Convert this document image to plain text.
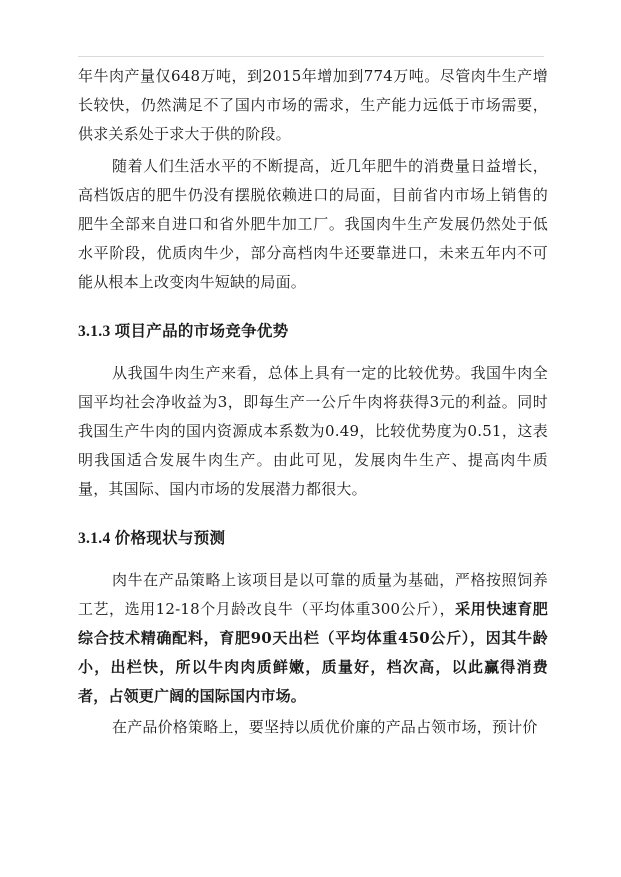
年牛肉产量仅648万吨，到2015年增加到774万吨。尽管肉牛生产增长较快，仍然满足不了国内市场的需求，生产能力远低于市场需要，供求关系处于求大于供的阶段。

随着人们生活水平的不断提高，近几年肥牛的消费量日益增长，高档饭店的肥牛仍没有摆脱依赖进口的局面，目前省内市场上销售的肥牛全部来自进口和省外肥牛加工厂。我国肉牛生产发展仍然处于低水平阶段，优质肉牛少，部分高档肉牛还要靠进口，未来五年内不可能从根本上改变肉牛短缺的局面。

3.1.3 项目产品的市场竞争优势

从我国牛肉生产来看，总体上具有一定的比较优势。我国牛肉全国平均社会净收益为3，即每生产一公斤牛肉将获得3元的利益。同时我国生产牛肉的国内资源成本系数为0.49，比较优势度为0.51，这表明我国适合发展牛肉生产。由此可见，发展肉牛生产、提高肉牛质量，其国际、国内市场的发展潜力都很大。

3.1.4 价格现状与预测

肉牛在产品策略上该项目是以可靠的质量为基础，严格按照饲养工艺，选用12-18个月龄改良牛（平均体重300公斤），采用快速育肥综合技术精确配料，育肥90天出栏（平均体重450公斤），因其牛龄小，出栏快，所以牛肉肉质鲜嫩，质量好，档次高，以此赢得消费者，占领更广阔的国际国内市场。

在产品价格策略上，要坚持以质优价廉的产品占领市场，预计价
